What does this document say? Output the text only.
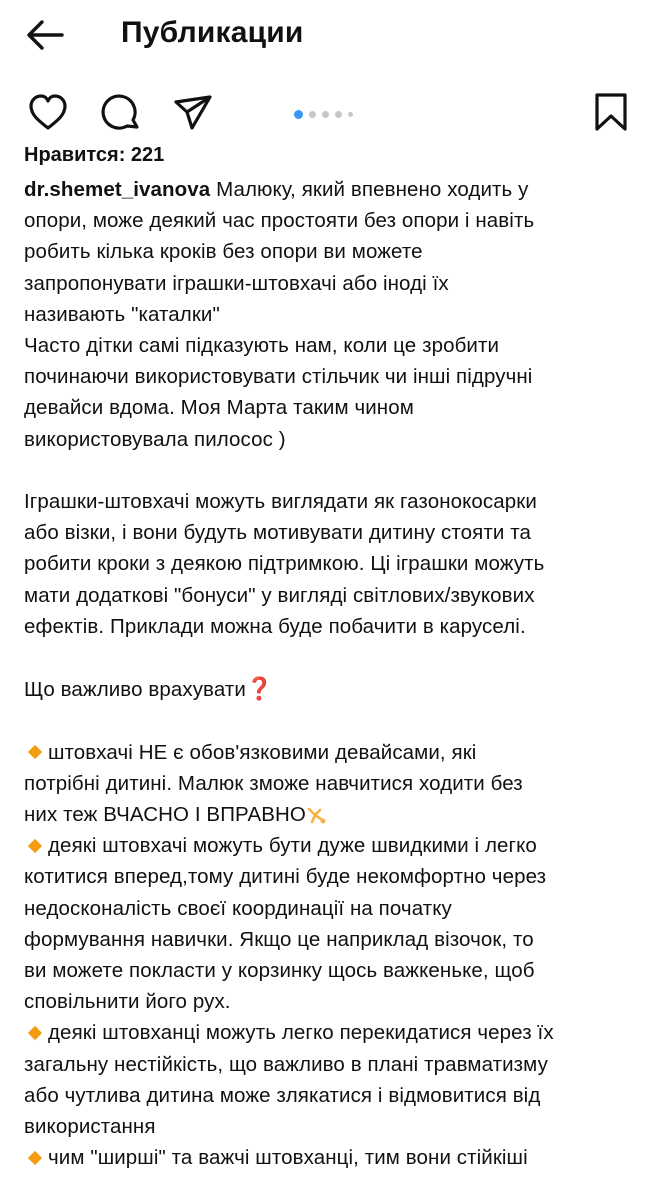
Публикации
Нравится: 221
dr.shemet_ivanova Малюку, який впевнено ходить у
опори, може деякий час простояти без опори і навіть
робить кілька кроків без опори ви можете
запропонувати іграшки-штовхачі або іноді їх
називають "каталки"
Часто дітки самі підказують нам, коли це зробити
починаючи використовувати стільчик чи інші підручні
девайси вдома. Моя Марта таким чином
використовувала пилосос )

Іграшки-штовхачі можуть виглядати як газонокосарки
або візки, і вони будуть мотивувати дитину стояти та
робити кроки з деякою підтримкою. Ці іграшки можуть
мати додаткові "бонуси" у вигляді світлових/звукових
ефектів. Приклади можна буде побачити в каруселі.

Що важливо врахувати❓

штовхачі НЕ є обов'язковими девайсами, які
потрібні дитині. Малюк зможе навчитися ходити без
них теж ВЧАСНО І ВПРАВНО
деякі штовхачі можуть бути дуже швидкими і легко
котитися вперед,тому дитині буде некомфортно через
недосконаліcть своєї координації на початку
формування навички. Якщо це наприклад візочок, то
ви можете покласти у корзинку щось важкеньке, щоб
сповільнити його рух.
деякі штовханці можуть легко перекидатися через їх
загальну нестійкість, що важливо в плані травматизму
або чутлива дитина може злякатися і відмовитися від
використання
чим "ширші" та важчі штовханці, тим вони стійкіші
